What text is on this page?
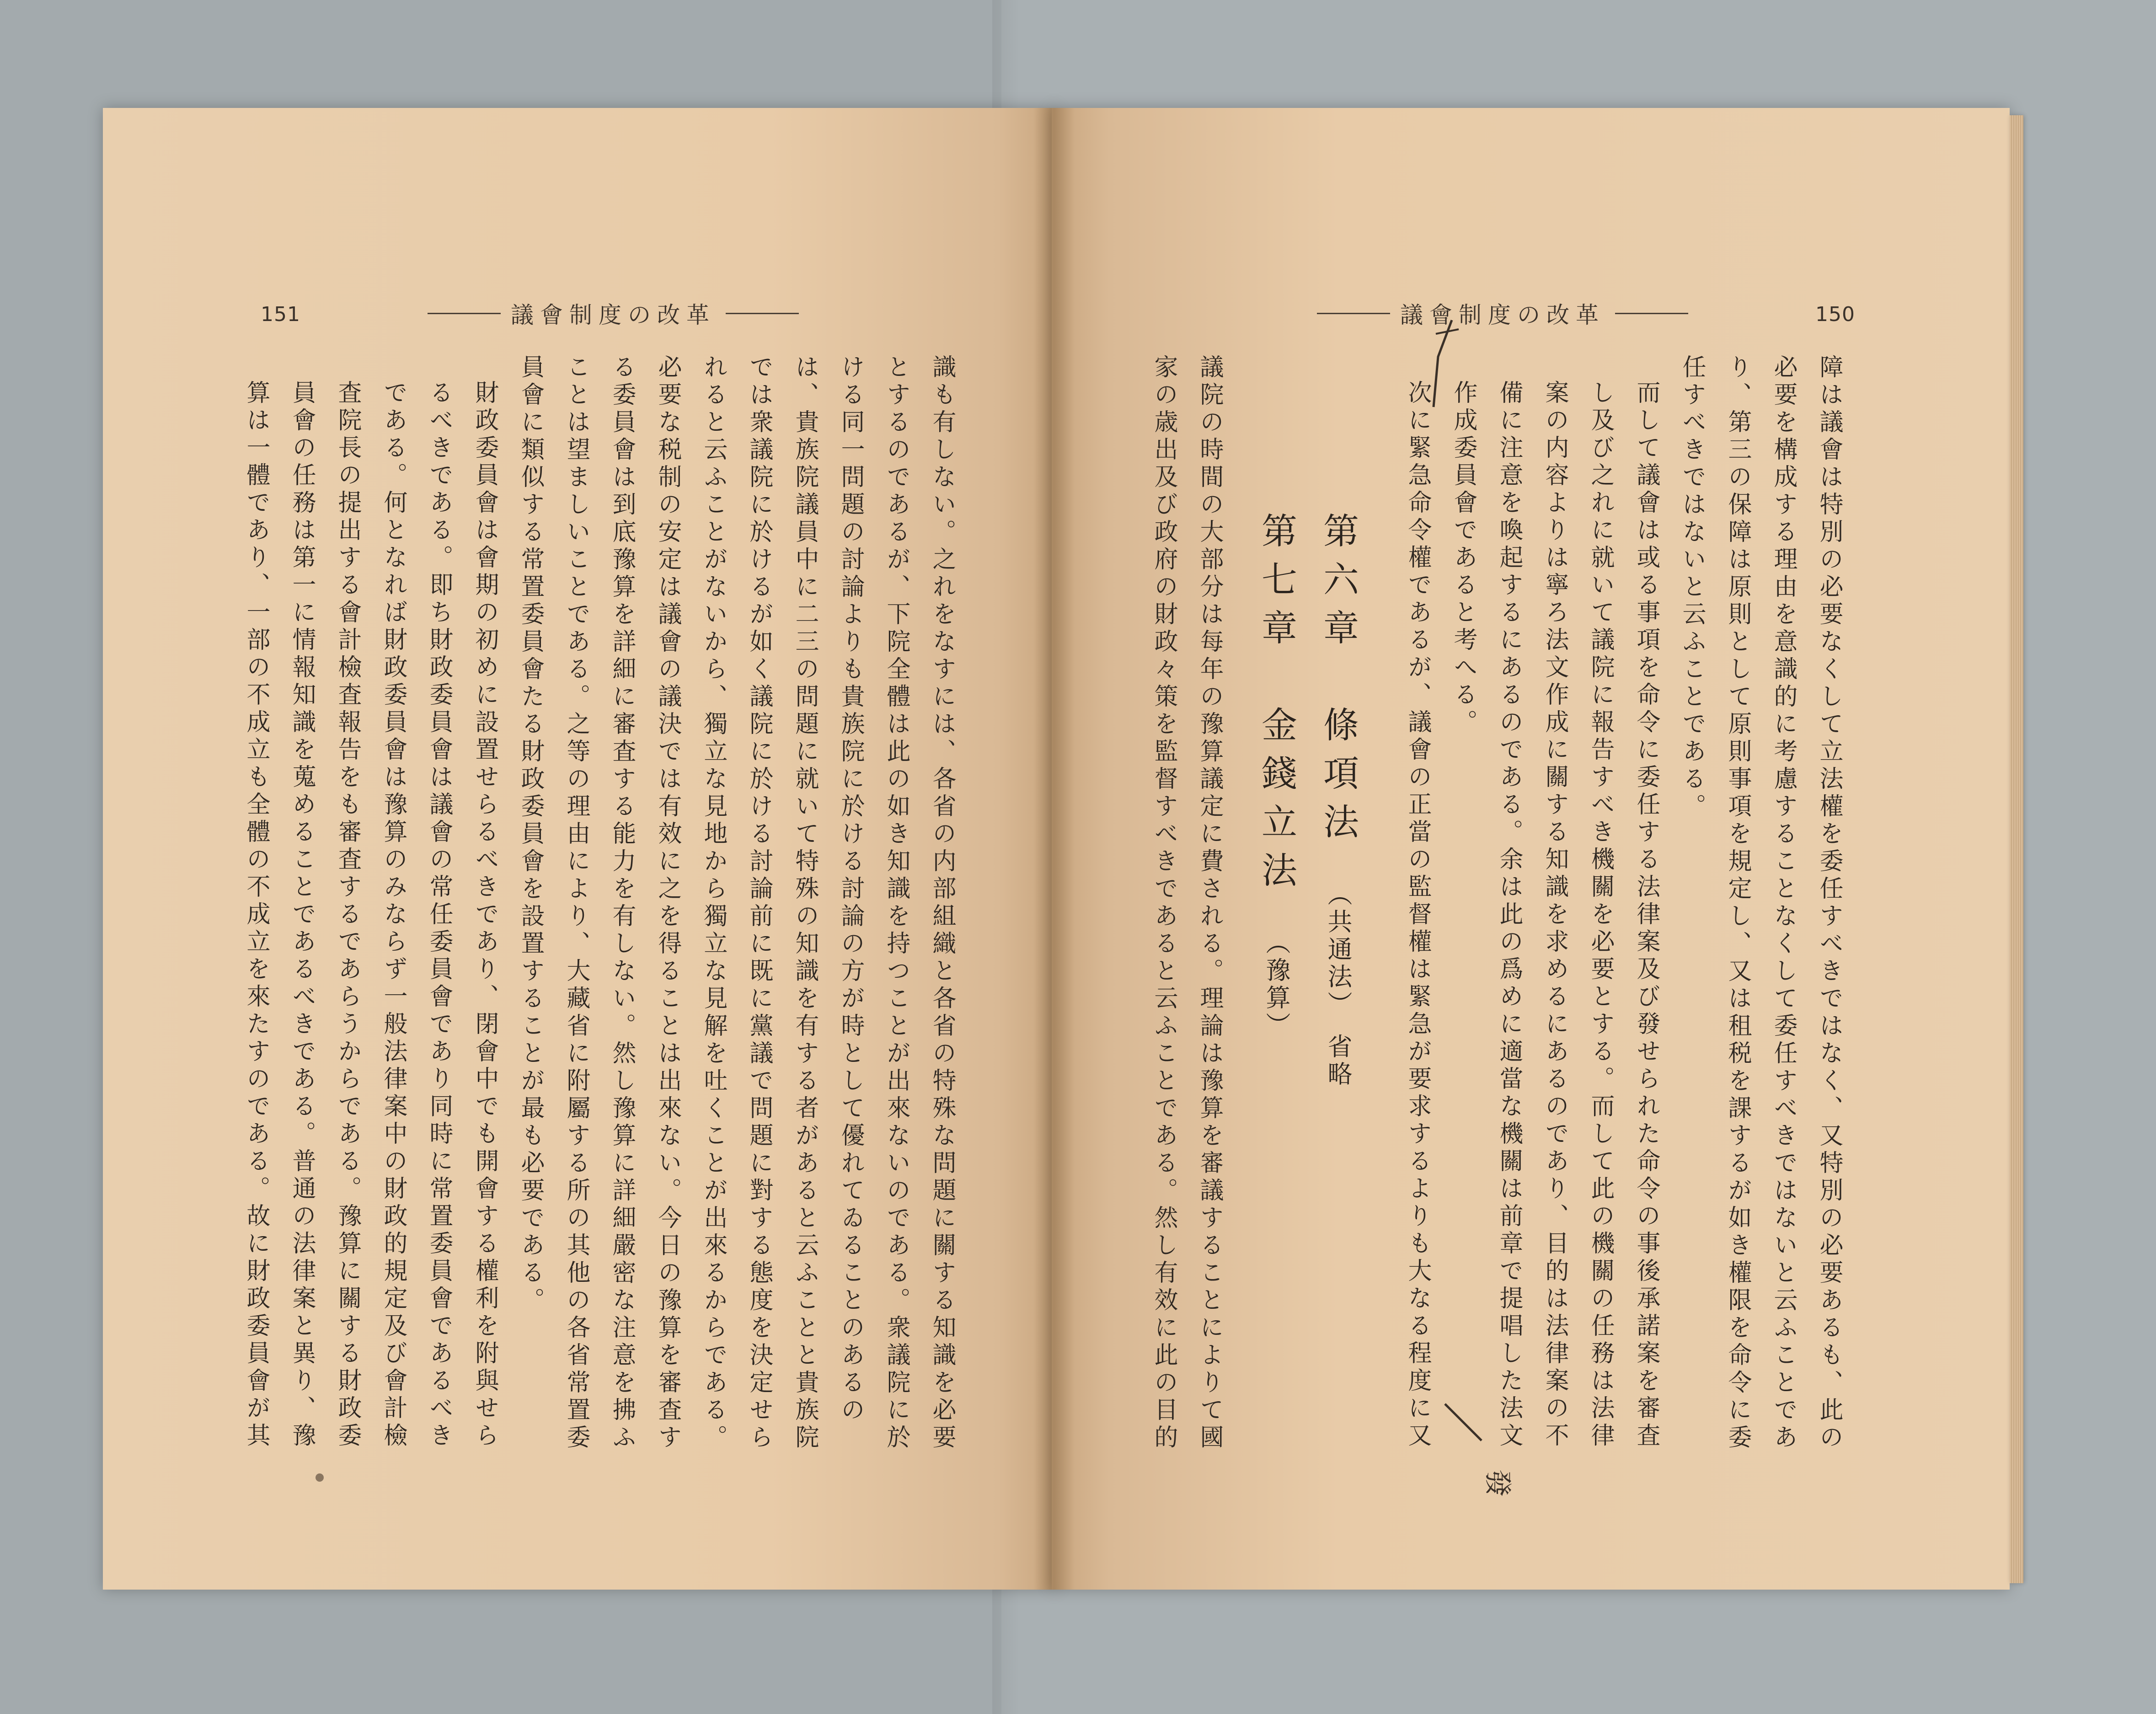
151	議會制度の改革

識も有しない。之れをなすには、各省の内部組織と各省の特殊な問題に關する知識を必要とするのであるが、下院全體は此の如き知識を持つことが出來ないのである。衆議院に於ける同一問題の討論よりも貴族院に於ける討論の方が時として優れてゐることのあるのは、貴族院議員中に二三の問題に就いて特殊の知識を有する者があると云ふことと貴族院では衆議院に於けるが如く議院に於ける討論前に既に黨議で問題に對する態度を決定せられると云ふことがないから、獨立な見地から獨立な見解を吐くことが出來るからである。必要な税制の安定は議會の議決では有效に之を得ることは出來ない。今日の豫算を審査する委員會は到底豫算を詳細に審査する能力を有しない。然し豫算に詳細嚴密な注意を拂ふことは望ましいことである。之等の理由により、大藏省に附屬する所の其他の各省常置委員會に類似する常置委員會たる財政委員會を設置することが最も必要である。

財政委員會は會期の初めに設置せらるべきであり、閉會中でも開會する權利を附與せらるべきである。即ち財政委員會は議會の常任委員會であり同時に常置委員會であるべきである。何となれば財政委員會は豫算のみならず一般法律案中の財政的規定及び會計檢査院長の提出する會計檢査報告をも審査するであらうからである。豫算に關する財政委員會の任務は第一に情報知識を蒐めることであるべきである。普通の法律案と異り、豫算は一體であり、一部の不成立も全體の不成立を來たすのである。故に財政委員會が其

議會制度の改革	150

障は議會は特別の必要なくして立法權を委任すべきではなく、又特別の必要あるも、此の必要を構成する理由を意識的に考慮することなくして委任すべきではないと云ふことであり、第三の保障は原則として原則事項を規定し、又は租税を課するが如き權限を命令に委任すべきではないと云ふことである。

而して議會は或る事項を命令に委任する法律案及び發せられた命令の事後承諾案を審査し及び之れに就いて議院に報告すべき機關を必要とする。而して此の機關の任務は法律案の内容よりは寧ろ法文作成に關する知識を求めるにあるのであり、目的は法律案の不備に注意を喚起するにあるのである。余は此の爲めに適當な機關は前章で提唱した法文作成委員會であると考へる。

次に緊急命令權であるが、議會の正當の監督權は緊急が要求するよりも大なる程度に又

第六章　條項法 （共通法）　省略
第七章　金錢立法 （豫算）

議院の時間の大部分は每年の豫算議定に費される。理論は豫算を審議することによりて國家の歳出及び政府の財政々策を監督すべきであると云ふことである。然し有效に此の目的

發
